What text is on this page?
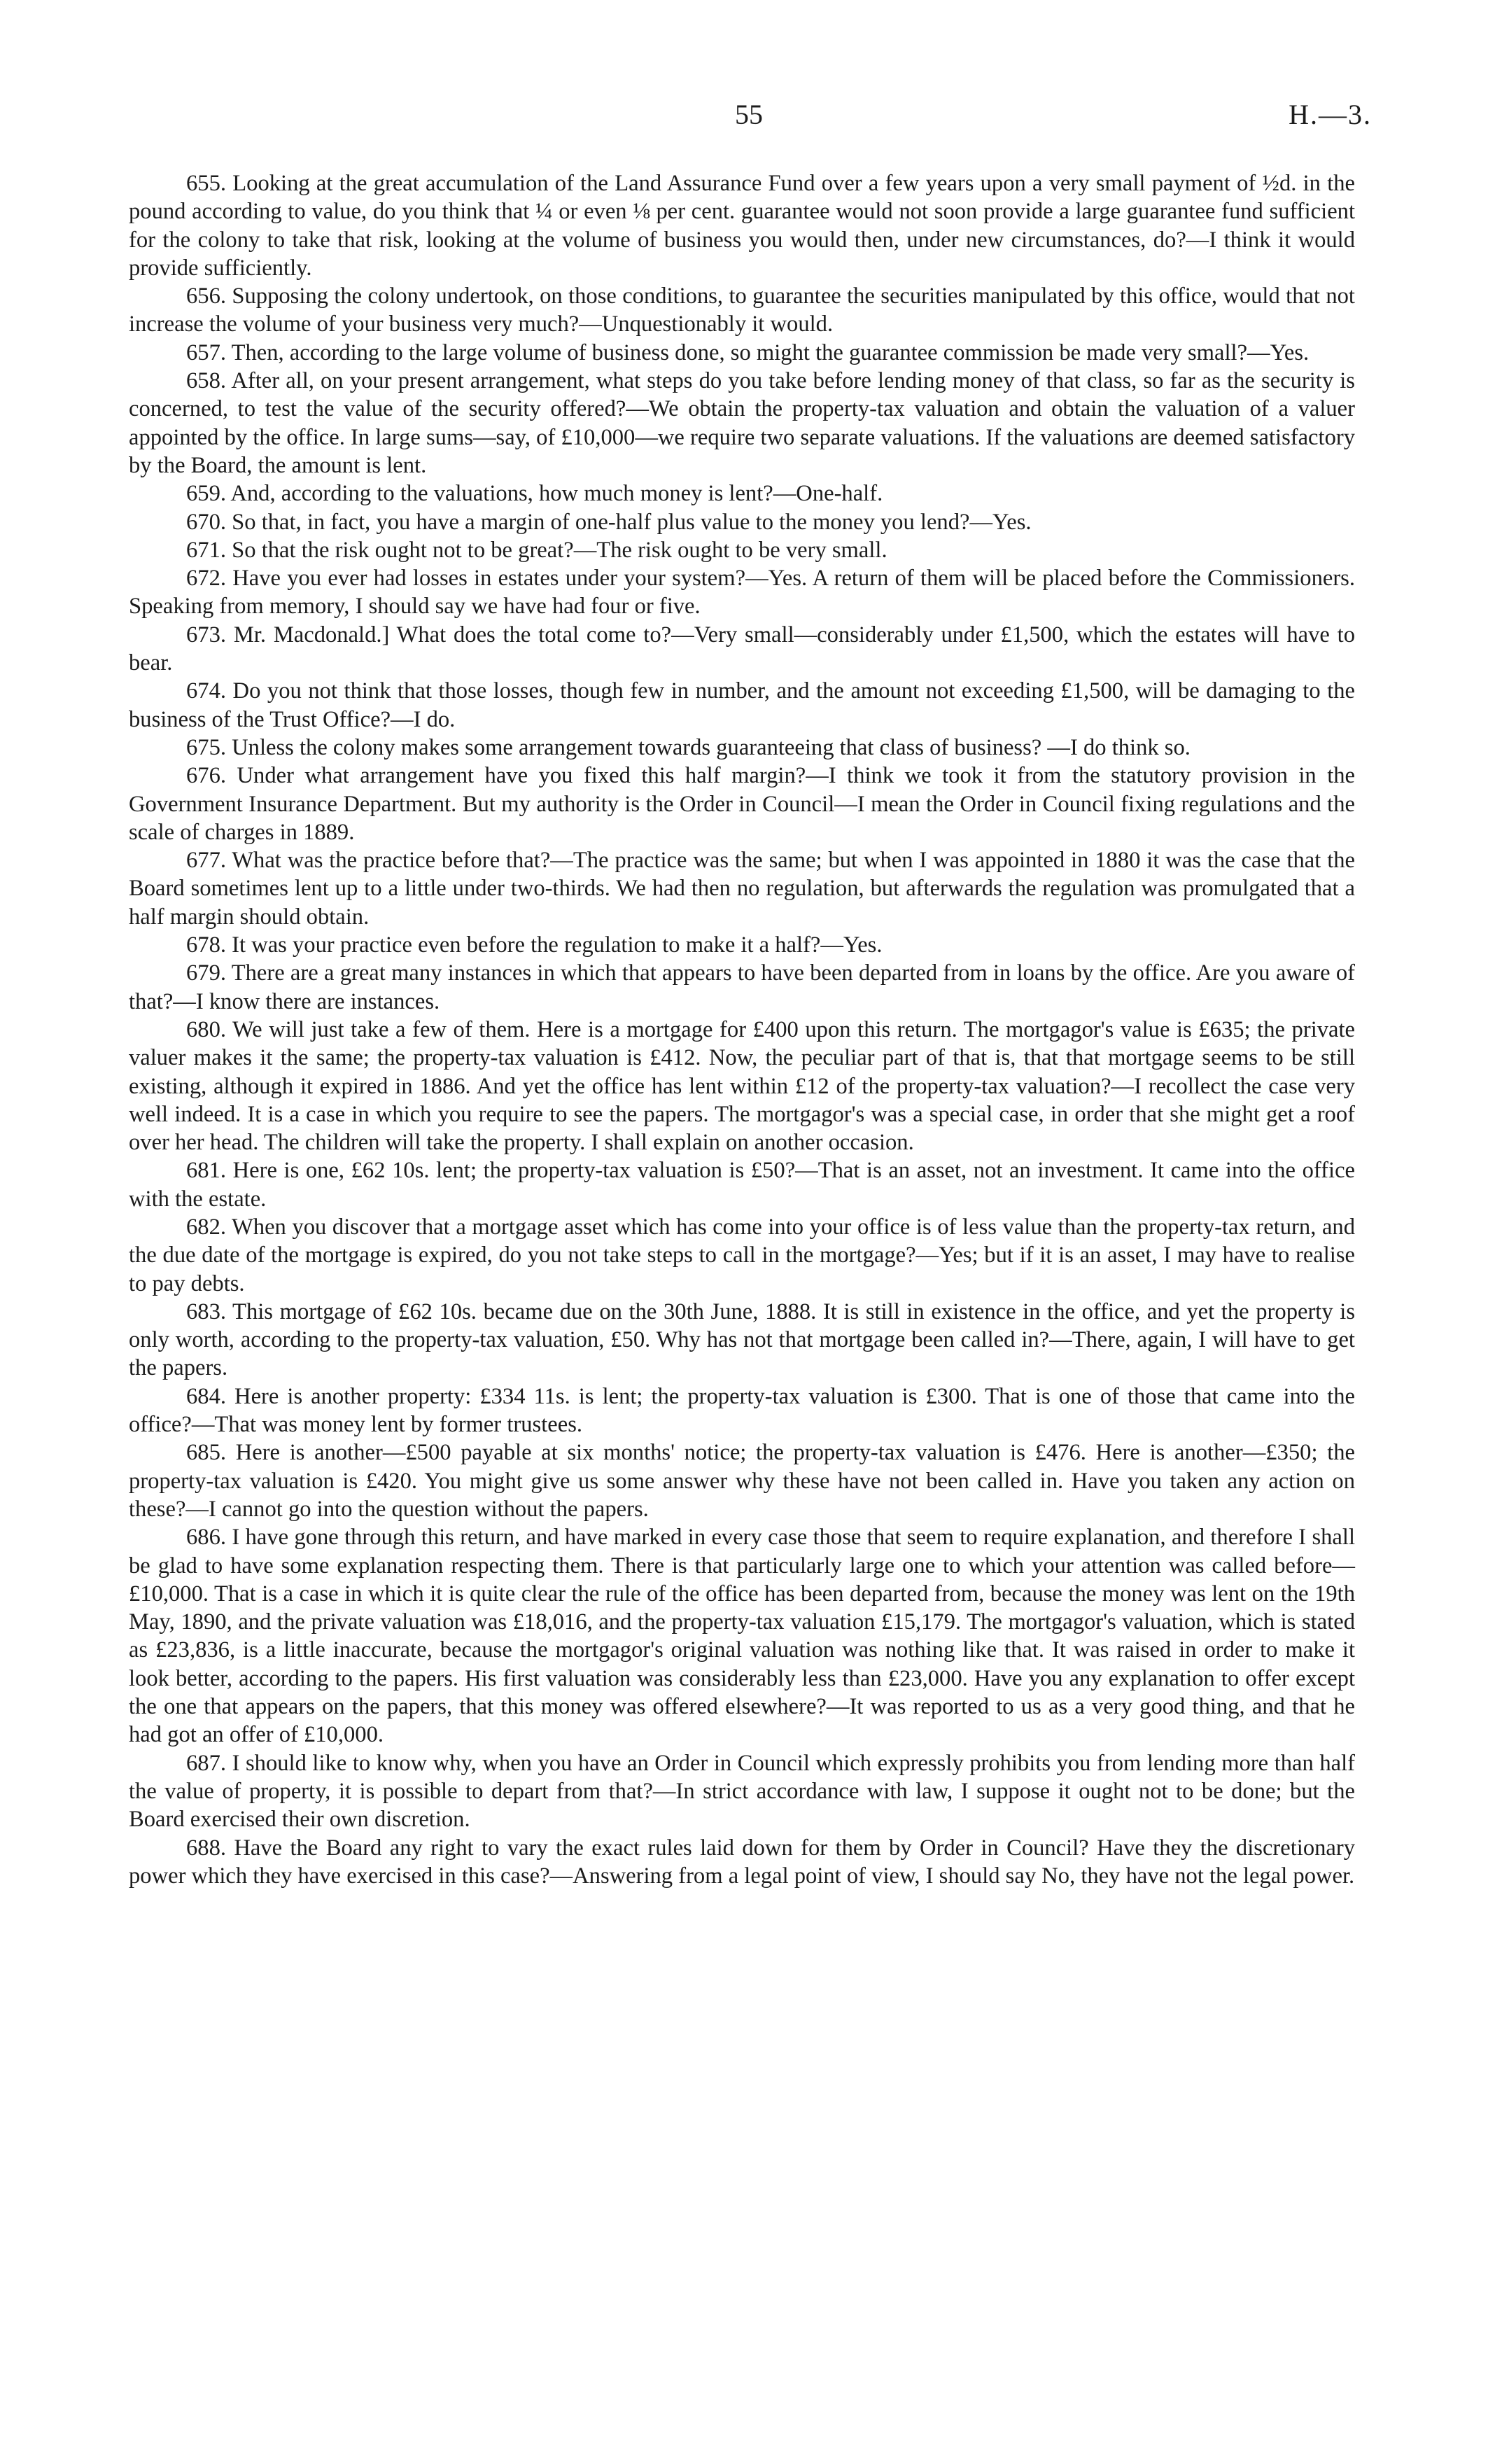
55	H.—3.

655. Looking at the great accumulation of the Land Assurance Fund over a few years upon a very small payment of ½d. in the pound according to value, do you think that ¼ or even ⅛ per cent. guarantee would not soon provide a large guarantee fund sufficient for the colony to take that risk, looking at the volume of business you would then, under new circumstances, do?—I think it would provide sufficiently.

656. Supposing the colony undertook, on those conditions, to guarantee the securities manipulated by this office, would that not increase the volume of your business very much?—Unquestionably it would.

657. Then, according to the large volume of business done, so might the guarantee commission be made very small?—Yes.

658. After all, on your present arrangement, what steps do you take before lending money of that class, so far as the security is concerned, to test the value of the security offered?—We obtain the property-tax valuation and obtain the valuation of a valuer appointed by the office. In large sums—say, of £10,000—we require two separate valuations. If the valuations are deemed satisfactory by the Board, the amount is lent.

659. And, according to the valuations, how much money is lent?—One-half.

670. So that, in fact, you have a margin of one-half plus value to the money you lend?—Yes.

671. So that the risk ought not to be great?—The risk ought to be very small.

672. Have you ever had losses in estates under your system?—Yes. A return of them will be placed before the Commissioners. Speaking from memory, I should say we have had four or five.

673. Mr. Macdonald.] What does the total come to?—Very small—considerably under £1,500, which the estates will have to bear.

674. Do you not think that those losses, though few in number, and the amount not exceeding £1,500, will be damaging to the business of the Trust Office?—I do.

675. Unless the colony makes some arrangement towards guaranteeing that class of business? —I do think so.

676. Under what arrangement have you fixed this half margin?—I think we took it from the statutory provision in the Government Insurance Department. But my authority is the Order in Council—I mean the Order in Council fixing regulations and the scale of charges in 1889.

677. What was the practice before that?—The practice was the same; but when I was appointed in 1880 it was the case that the Board sometimes lent up to a little under two-thirds. We had then no regulation, but afterwards the regulation was promulgated that a half margin should obtain.

678. It was your practice even before the regulation to make it a half?—Yes.

679. There are a great many instances in which that appears to have been departed from in loans by the office. Are you aware of that?—I know there are instances.

680. We will just take a few of them. Here is a mortgage for £400 upon this return. The mortgagor's value is £635; the private valuer makes it the same; the property-tax valuation is £412. Now, the peculiar part of that is, that that mortgage seems to be still existing, although it expired in 1886. And yet the office has lent within £12 of the property-tax valuation?—I recollect the case very well indeed. It is a case in which you require to see the papers. The mortgagor's was a special case, in order that she might get a roof over her head. The children will take the property. I shall explain on another occasion.

681. Here is one, £62 10s. lent; the property-tax valuation is £50?—That is an asset, not an investment. It came into the office with the estate.

682. When you discover that a mortgage asset which has come into your office is of less value than the property-tax return, and the due date of the mortgage is expired, do you not take steps to call in the mortgage?—Yes; but if it is an asset, I may have to realise to pay debts.

683. This mortgage of £62 10s. became due on the 30th June, 1888. It is still in existence in the office, and yet the property is only worth, according to the property-tax valuation, £50. Why has not that mortgage been called in?—There, again, I will have to get the papers.

684. Here is another property: £334 11s. is lent; the property-tax valuation is £300. That is one of those that came into the office?—That was money lent by former trustees.

685. Here is another—£500 payable at six months' notice; the property-tax valuation is £476. Here is another—£350; the property-tax valuation is £420. You might give us some answer why these have not been called in. Have you taken any action on these?—I cannot go into the question without the papers.

686. I have gone through this return, and have marked in every case those that seem to require explanation, and therefore I shall be glad to have some explanation respecting them. There is that particularly large one to which your attention was called before—£10,000. That is a case in which it is quite clear the rule of the office has been departed from, because the money was lent on the 19th May, 1890, and the private valuation was £18,016, and the property-tax valuation £15,179. The mortgagor's valuation, which is stated as £23,836, is a little inaccurate, because the mortgagor's original valuation was nothing like that. It was raised in order to make it look better, according to the papers. His first valuation was considerably less than £23,000. Have you any explanation to offer except the one that appears on the papers, that this money was offered elsewhere?—It was reported to us as a very good thing, and that he had got an offer of £10,000.

687. I should like to know why, when you have an Order in Council which expressly prohibits you from lending more than half the value of property, it is possible to depart from that?—In strict accordance with law, I suppose it ought not to be done; but the Board exercised their own discretion.

688. Have the Board any right to vary the exact rules laid down for them by Order in Council? Have they the discretionary power which they have exercised in this case?—Answering from a legal point of view, I should say No, they have not the legal power.
